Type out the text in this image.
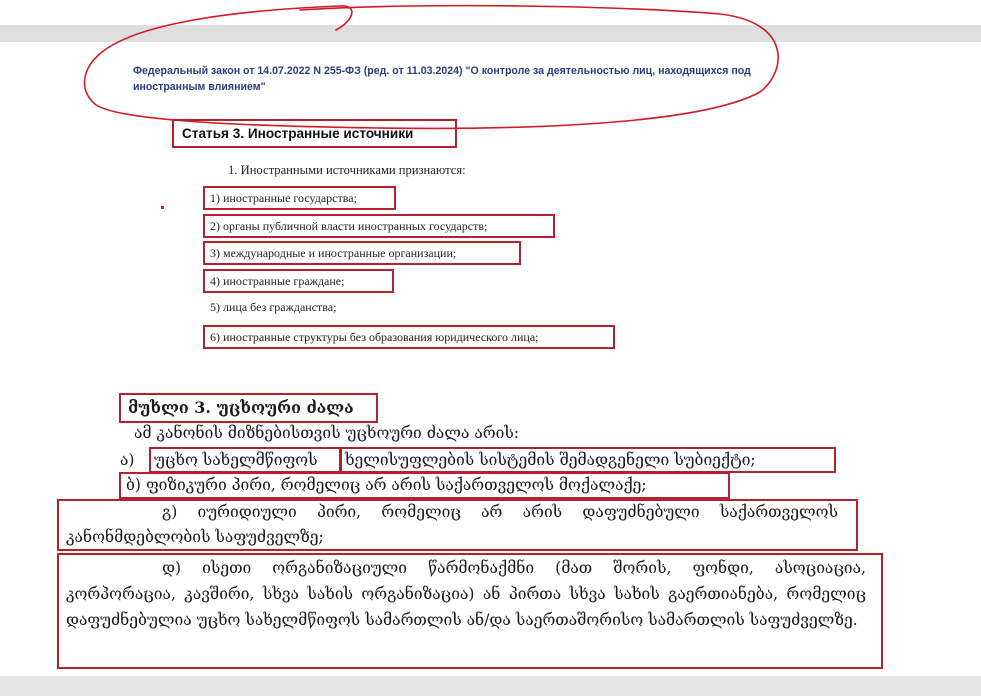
Федеральный закон от 14.07.2022 N 255-ФЗ (ред. от 11.03.2024) "О контроле за деятельностью лиц, находящихся под иностранным влиянием"
Статья 3. Иностранные источники
1. Иностранными источниками признаются:
1) иностранные государства;
2) органы публичной власти иностранных государств;
3) международные и иностранные организации;
4) иностранные граждане;
5) лица без гражданства;
6) иностранные структуры без образования юридического лица;
მუხლი 3. უცხოური ძალა
ამ კანონის მიზნებისთვის უცხოური ძალა არის:
ა)	უცხო სახელმწიფოს	ხელისუფლების სისტემის შემადგენელი სუბიექტი;
ბ) ფიზიკური პირი, რომელიც არ არის საქართველოს მოქალაქე;
გ) იურიდიული პირი, რომელიც არ არის დაფუძნებული საქართველოს კანონმდებლობის საფუძველზე;
დ) ისეთი ორგანიზაციული წარმონაქმნი (მათ შორის, ფონდი, ასოციაცია, კორპორაცია, კავშირი, სხვა სახის ორგანიზაცია) ან პირთა სხვა სახის გაერთიანება, რომელიც დაფუძნებულია უცხო სახელმწიფოს სამართლის ან/და საერთაშორისო სამართლის საფუძველზე.
